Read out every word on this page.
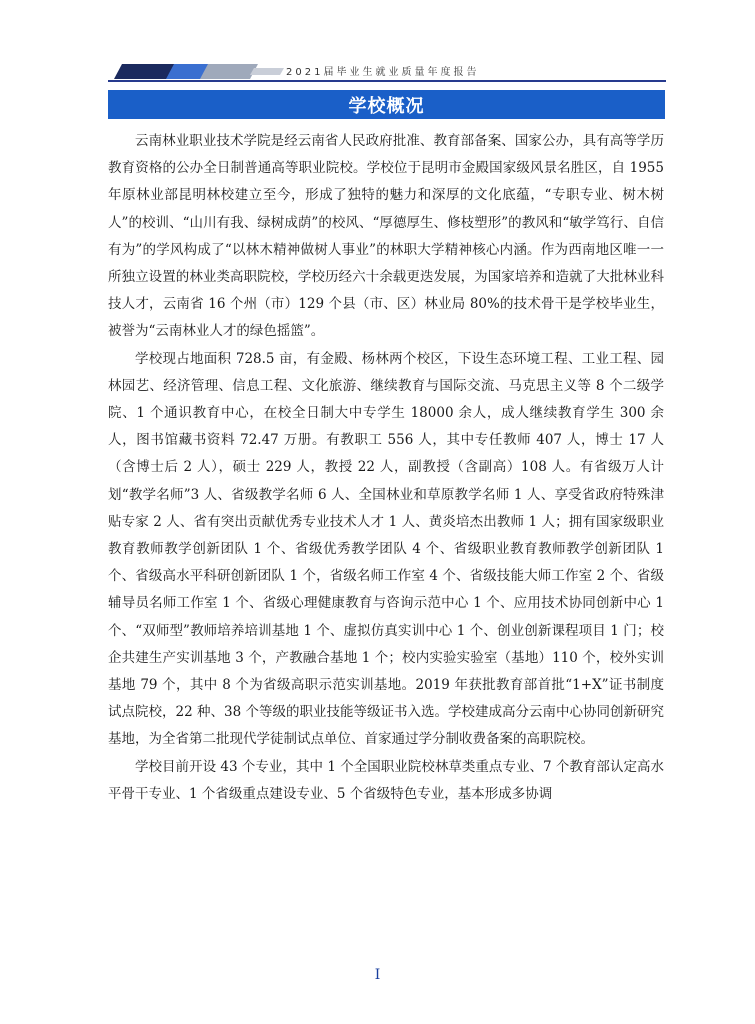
2021届毕业生就业质量年度报告
学校概况

云南林业职业技术学院是经云南省人民政府批准、教育部备案、国家公办，具有高等学历教育资格的公办全日制普通高等职业院校。学校位于昆明市金殿国家级风景名胜区，自 1955 年原林业部昆明林校建立至今，形成了独特的魅力和深厚的文化底蕴，“专职专业、树木树人”的校训、“山川有我、绿树成荫”的校风、“厚德厚生、修枝塑形”的教风和“敏学笃行、自信有为”的学风构成了“以林木精神做树人事业”的林职大学精神核心内涵。作为西南地区唯一一所独立设置的林业类高职院校，学校历经六十余载更迭发展，为国家培养和造就了大批林业科技人才，云南省 16 个州（市）129 个县（市、区）林业局 80%的技术骨干是学校毕业生，被誉为“云南林业人才的绿色摇篮”。

学校现占地面积 728.5 亩，有金殿、杨林两个校区，下设生态环境工程、工业工程、园林园艺、经济管理、信息工程、文化旅游、继续教育与国际交流、马克思主义等 8 个二级学院、1 个通识教育中心，在校全日制大中专学生 18000 余人，成人继续教育学生 300 余人，图书馆藏书资料 72.47 万册。有教职工 556 人，其中专任教师 407 人，博士 17 人（含博士后 2 人），硕士 229 人，教授 22 人，副教授（含副高）108 人。有省级万人计划“教学名师”3 人、省级教学名师 6 人、全国林业和草原教学名师 1 人、享受省政府特殊津贴专家 2 人、省有突出贡献优秀专业技术人才 1 人、黄炎培杰出教师 1 人；拥有国家级职业教育教师教学创新团队 1 个、省级优秀教学团队 4 个、省级职业教育教师教学创新团队 1 个、省级高水平科研创新团队 1 个，省级名师工作室 4 个、省级技能大师工作室 2 个、省级辅导员名师工作室 1 个、省级心理健康教育与咨询示范中心 1 个、应用技术协同创新中心 1 个、“双师型”教师培养培训基地 1 个、虚拟仿真实训中心 1 个、创业创新课程项目 1 门；校企共建生产实训基地 3 个，产教融合基地 1 个；校内实验实验室（基地）110 个，校外实训基地 79 个，其中 8 个为省级高职示范实训基地。2019 年获批教育部首批“1+X”证书制度试点院校，22 种、38 个等级的职业技能等级证书入选。学校建成高分云南中心协同创新研究基地，为全省第二批现代学徒制试点单位、首家通过学分制收费备案的高职院校。

学校目前开设 43 个专业，其中 1 个全国职业院校林草类重点专业、7 个教育部认定高水平骨干专业、1 个省级重点建设专业、5 个省级特色专业，基本形成多协调

I
